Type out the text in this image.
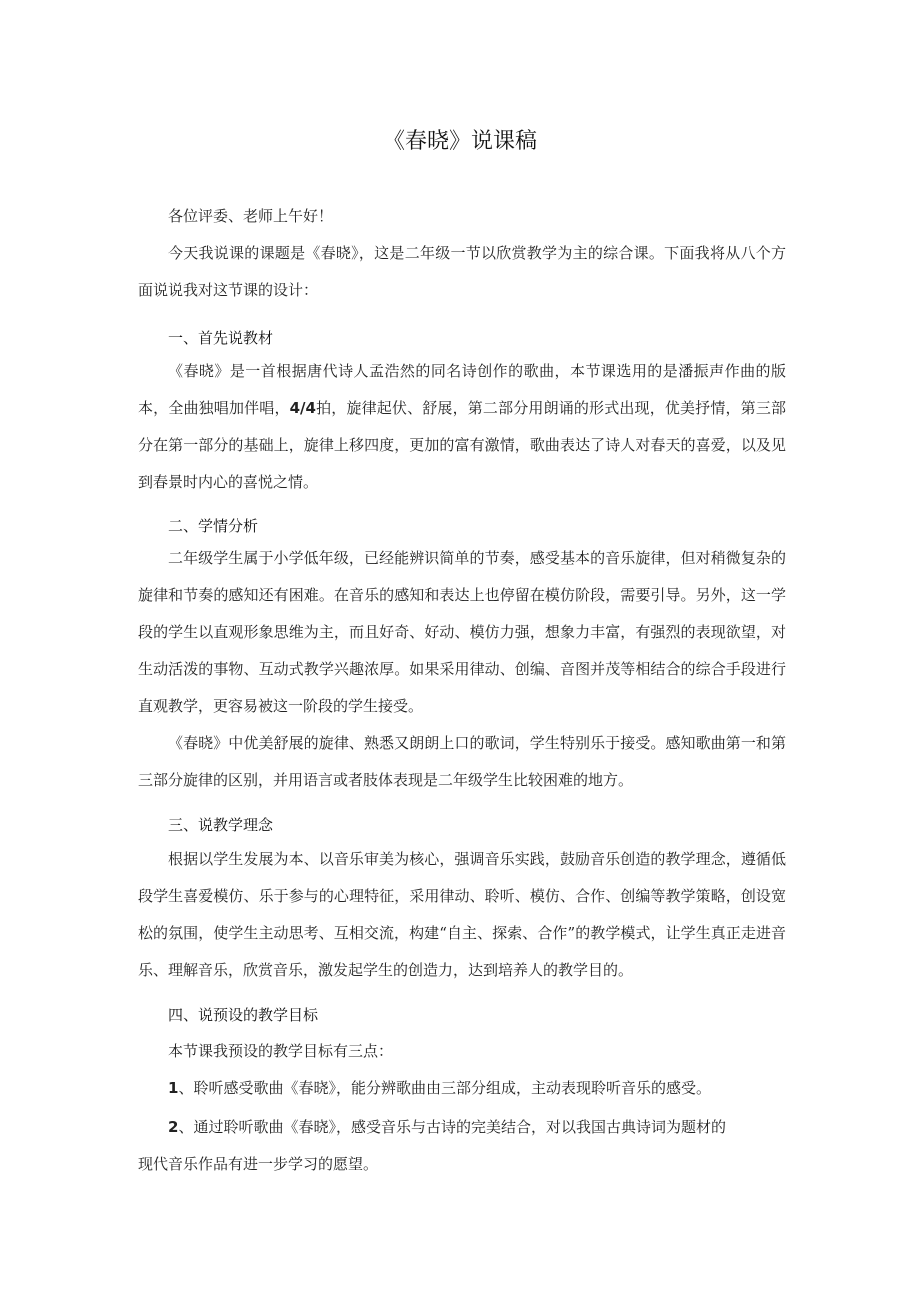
《春晓》说课稿

各位评委、老师上午好！

今天我说课的课题是《春晓》，这是二年级一节以欣赏教学为主的综合课。下面我将从八个方面说说我对这节课的设计：

一、首先说教材

《春晓》是一首根据唐代诗人孟浩然的同名诗创作的歌曲，本节课选用的是潘振声作曲的版本，全曲独唱加伴唱，4/4拍，旋律起伏、舒展，第二部分用朗诵的形式出现，优美抒情，第三部分在第一部分的基础上，旋律上移四度，更加的富有激情，歌曲表达了诗人对春天的喜爱，以及见到春景时内心的喜悦之情。

二、学情分析

二年级学生属于小学低年级，已经能辨识简单的节奏，感受基本的音乐旋律，但对稍微复杂的旋律和节奏的感知还有困难。在音乐的感知和表达上也停留在模仿阶段，需要引导。另外，这一学段的学生以直观形象思维为主，而且好奇、好动、模仿力强，想象力丰富，有强烈的表现欲望，对生动活泼的事物、互动式教学兴趣浓厚。如果采用律动、创编、音图并茂等相结合的综合手段进行直观教学，更容易被这一阶段的学生接受。

《春晓》中优美舒展的旋律、熟悉又朗朗上口的歌词，学生特别乐于接受。感知歌曲第一和第三部分旋律的区别，并用语言或者肢体表现是二年级学生比较困难的地方。

三、说教学理念

根据以学生发展为本、以音乐审美为核心，强调音乐实践，鼓励音乐创造的教学理念，遵循低段学生喜爱模仿、乐于参与的心理特征，采用律动、聆听、模仿、合作、创编等教学策略，创设宽松的氛围，使学生主动思考、互相交流，构建“自主、探索、合作”的教学模式，让学生真正走进音乐、理解音乐，欣赏音乐，激发起学生的创造力，达到培养人的教学目的。

四、说预设的教学目标

本节课我预设的教学目标有三点：

1、聆听感受歌曲《春晓》，能分辨歌曲由三部分组成，主动表现聆听音乐的感受。

2、通过聆听歌曲《春晓》，感受音乐与古诗的完美结合，对以我国古典诗词为题材的

现代音乐作品有进一步学习的愿望。
